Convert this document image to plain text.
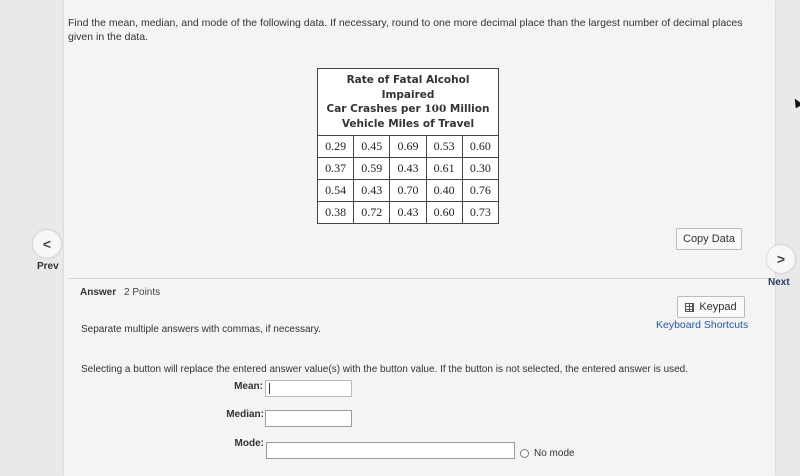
Find the mean, median, and mode of the following data. If necessary, round to one more decimal place than the largest number of decimal places given in the data.
Rate of Fatal Alcohol Impaired
Car Crashes per 100 Million
Vehicle Miles of Travel				
0.29	0.45	0.69	0.53	0.60
0.37	0.59	0.43	0.61	0.30
0.54	0.43	0.70	0.40	0.76
0.38	0.72	0.43	0.60	0.73
Copy Data
Answer 2 Points
Keypad
Keyboard Shortcuts
Separate multiple answers with commas, if necessary.
Selecting a button will replace the entered answer value(s) with the button value. If the button is not selected, the entered answer is used.
Mean:
Median:
Mode:
No mode
<
Prev	>
Next
